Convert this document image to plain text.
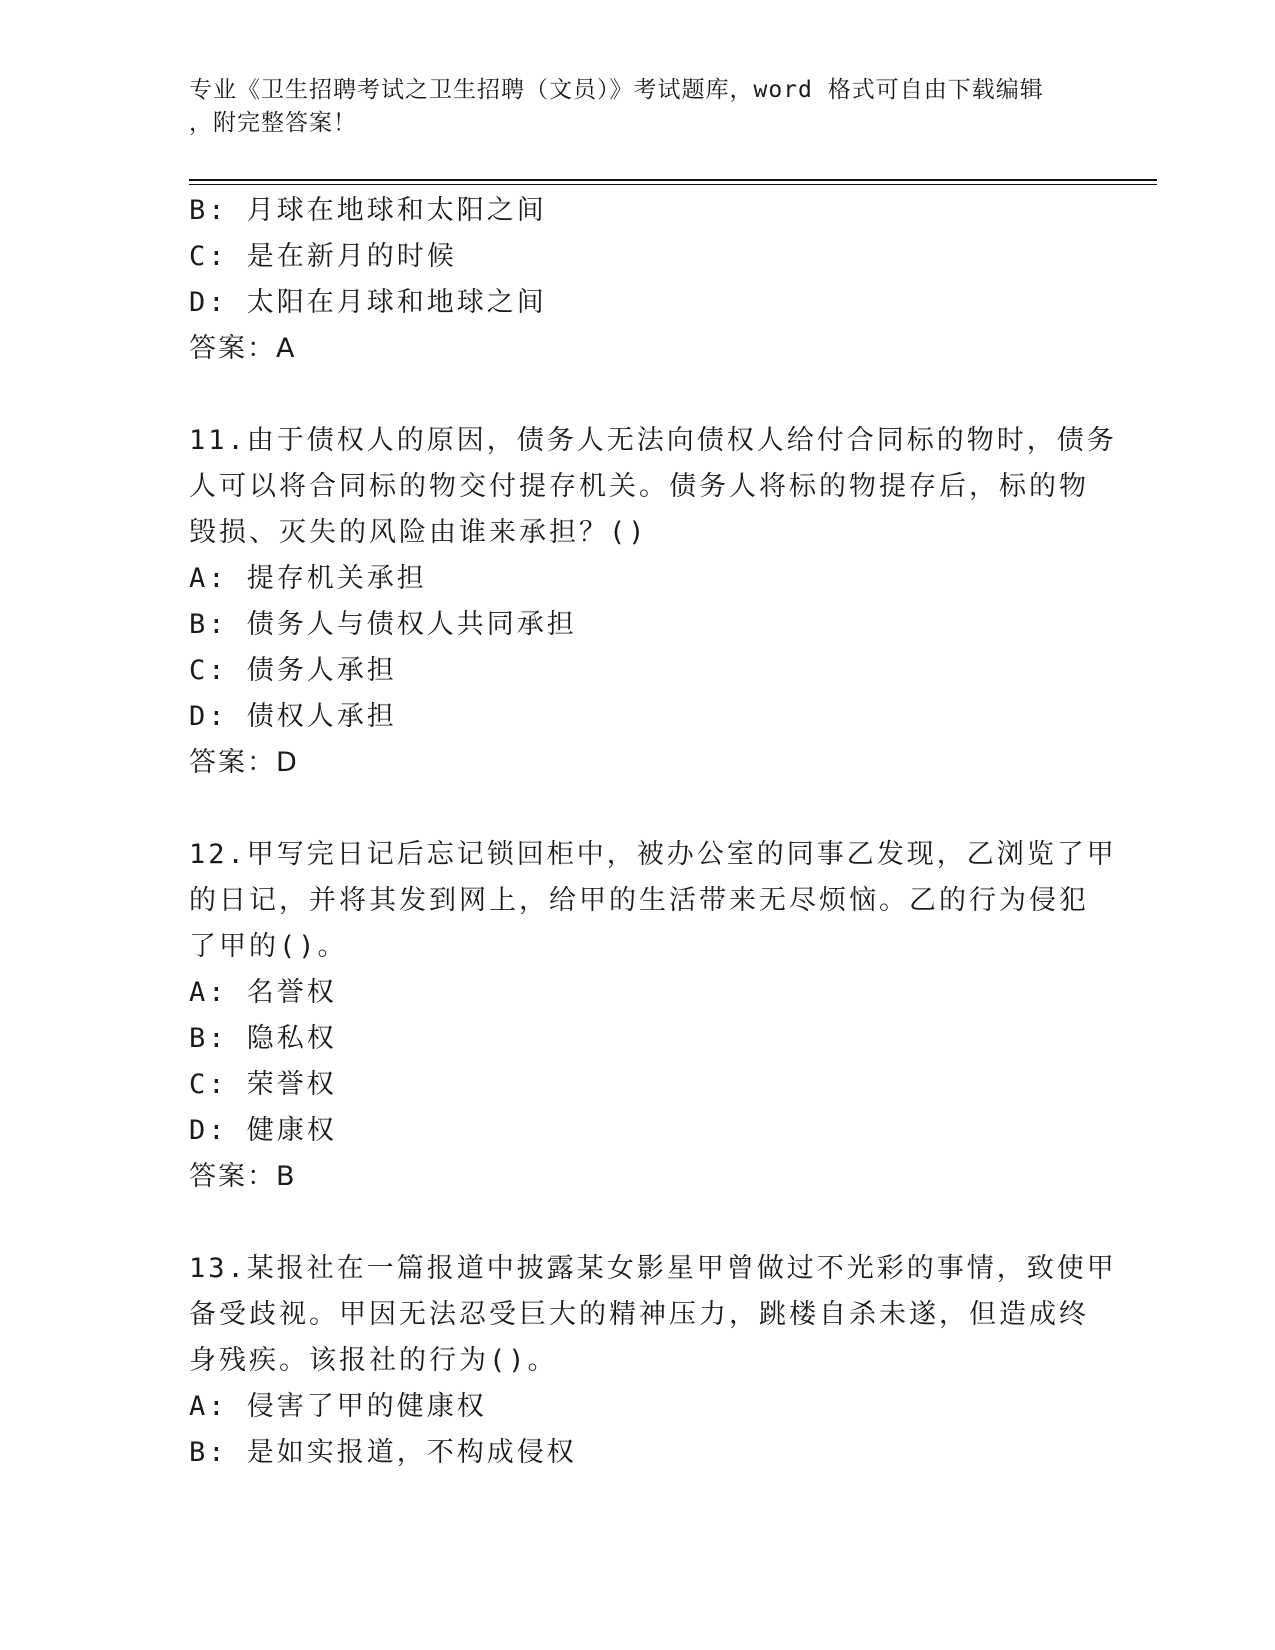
专业《卫生招聘考试之卫生招聘（文员）》考试题库，word 格式可自由下载编辑
，附完整答案！
B: 月球在地球和太阳之间
C: 是在新月的时候
D: 太阳在月球和地球之间
答案：A
11.由于债权人的原因，债务人无法向债权人给付合同标的物时，债务
人可以将合同标的物交付提存机关。债务人将标的物提存后，标的物
毁损、灭失的风险由谁来承担？()
A: 提存机关承担
B: 债务人与债权人共同承担
C: 债务人承担
D: 债权人承担
答案：D
12.甲写完日记后忘记锁回柜中，被办公室的同事乙发现，乙浏览了甲
的日记，并将其发到网上，给甲的生活带来无尽烦恼。乙的行为侵犯
了甲的()。
A: 名誉权
B: 隐私权
C: 荣誉权
D: 健康权
答案：B
13.某报社在一篇报道中披露某女影星甲曾做过不光彩的事情，致使甲
备受歧视。甲因无法忍受巨大的精神压力，跳楼自杀未遂，但造成终
身残疾。该报社的行为()。
A: 侵害了甲的健康权
B: 是如实报道，不构成侵权
